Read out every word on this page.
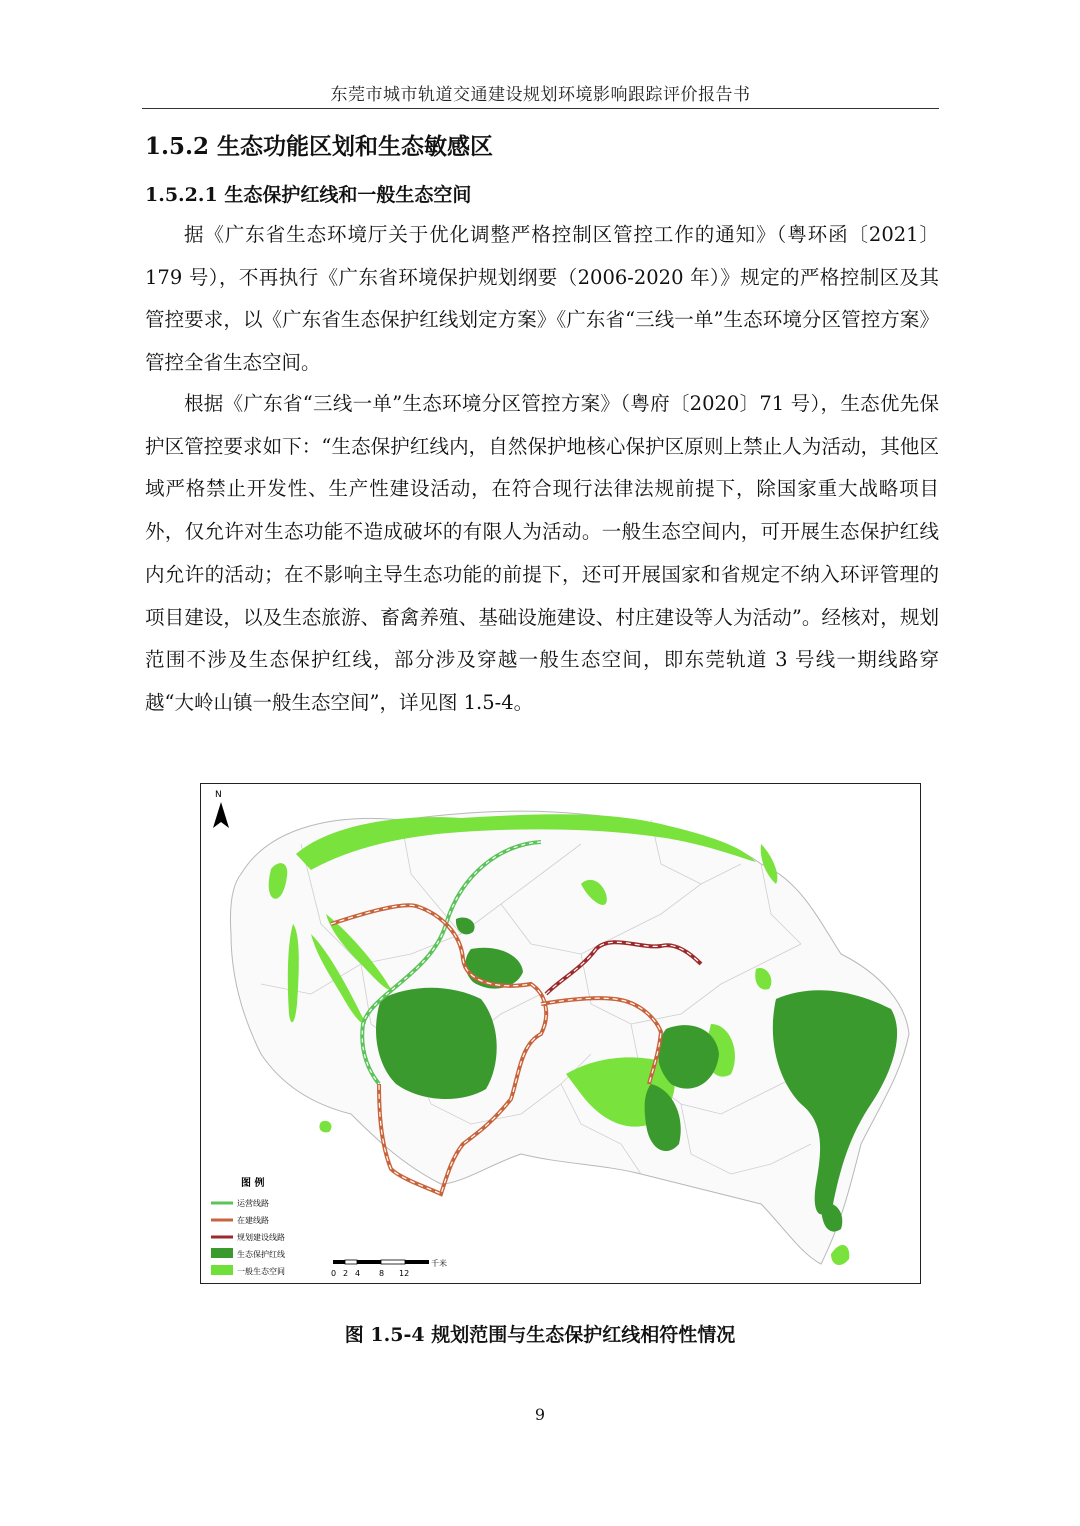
东莞市城市轨道交通建设规划环境影响跟踪评价报告书
1.5.2 生态功能区划和生态敏感区
1.5.2.1 生态保护红线和一般生态空间

据《广东省生态环境厅关于优化调整严格控制区管控工作的通知》（粤环函〔2021〕179 号），不再执行《广东省环境保护规划纲要（2006-2020 年）》规定的严格控制区及其管控要求，以《广东省生态保护红线划定方案》《广东省“三线一单”生态环境分区管控方案》管控全省生态空间。

根据《广东省“三线一单”生态环境分区管控方案》（粤府〔2020〕71 号），生态优先保护区管控要求如下：“生态保护红线内，自然保护地核心保护区原则上禁止人为活动，其他区域严格禁止开发性、生产性建设活动，在符合现行法律法规前提下，除国家重大战略项目外，仅允许对生态功能不造成破坏的有限人为活动。一般生态空间内，可开展生态保护红线内允许的活动；在不影响主导生态功能的前提下，还可开展国家和省规定不纳入环评管理的项目建设，以及生态旅游、畜禽养殖、基础设施建设、村庄建设等人为活动”。经核对，规划范围不涉及生态保护红线，部分涉及穿越一般生态空间，即东莞轨道 3 号线一期线路穿越“大岭山镇一般生态空间”，详见图 1.5-4。

N
图 例
运营线路
在建线路
规划建设线路
生态保护红线
一般生态空间	0 2 4 8 12
千米
图 1.5-4 规划范围与生态保护红线相符性情况
9
